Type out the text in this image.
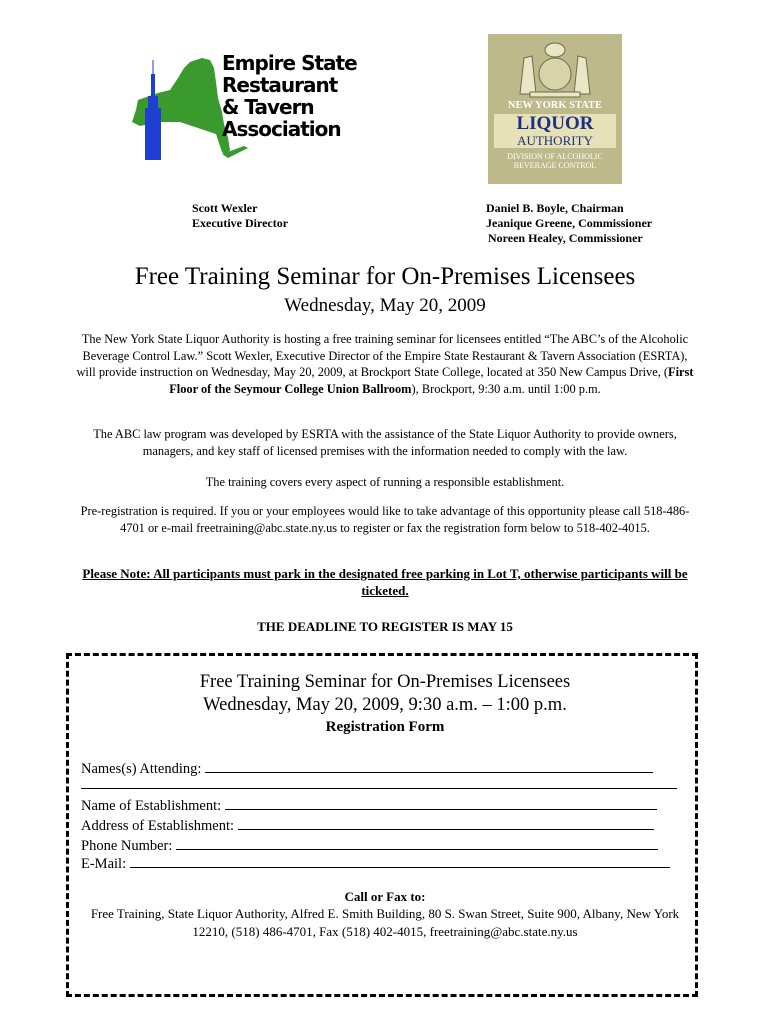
Empire State
Restaurant
& Tavern
Association
NEW YORK STATE
LIQUOR
AUTHORITY
DIVISION OF ALCOHOLIC
BEVERAGE CONTROL
Scott Wexler
Executive Director
Daniel B. Boyle, Chairman
Jeanique Greene, Commissioner
Noreen Healey, Commissioner
Free Training Seminar for On-Premises Licensees
Wednesday, May 20, 2009
The New York State Liquor Authority is hosting a free training seminar for licensees entitled “The ABC’s of the Alcoholic Beverage Control Law.” Scott Wexler, Executive Director of the Empire State Restaurant & Tavern Association (ESRTA), will provide instruction on Wednesday, May 20, 2009, at Brockport State College, located at 350 New Campus Drive, (First Floor of the Seymour College Union Ballroom), Brockport, 9:30 a.m. until 1:00 p.m.
The ABC law program was developed by ESRTA with the assistance of the State Liquor Authority to provide owners, managers, and key staff of licensed premises with the information needed to comply with the law.
The training covers every aspect of running a responsible establishment.
Pre-registration is required. If you or your employees would like to take advantage of this opportunity please call 518-486-4701 or e-mail freetraining@abc.state.ny.us to register or fax the registration form below to 518-402-4015.
Please Note: All participants must park in the designated free parking in Lot T, otherwise participants will be ticketed.
THE DEADLINE TO REGISTER IS MAY 15
Free Training Seminar for On-Premises Licensees
Wednesday, May 20, 2009, 9:30 a.m. – 1:00 p.m.
Registration Form
Names(s) Attending:
Name of Establishment:
Address of Establishment:
Phone Number:
E-Mail:
Call or Fax to:
Free Training, State Liquor Authority, Alfred E. Smith Building, 80 S. Swan Street, Suite 900, Albany, New York 12210, (518) 486-4701, Fax (518) 402-4015, freetraining@abc.state.ny.us
